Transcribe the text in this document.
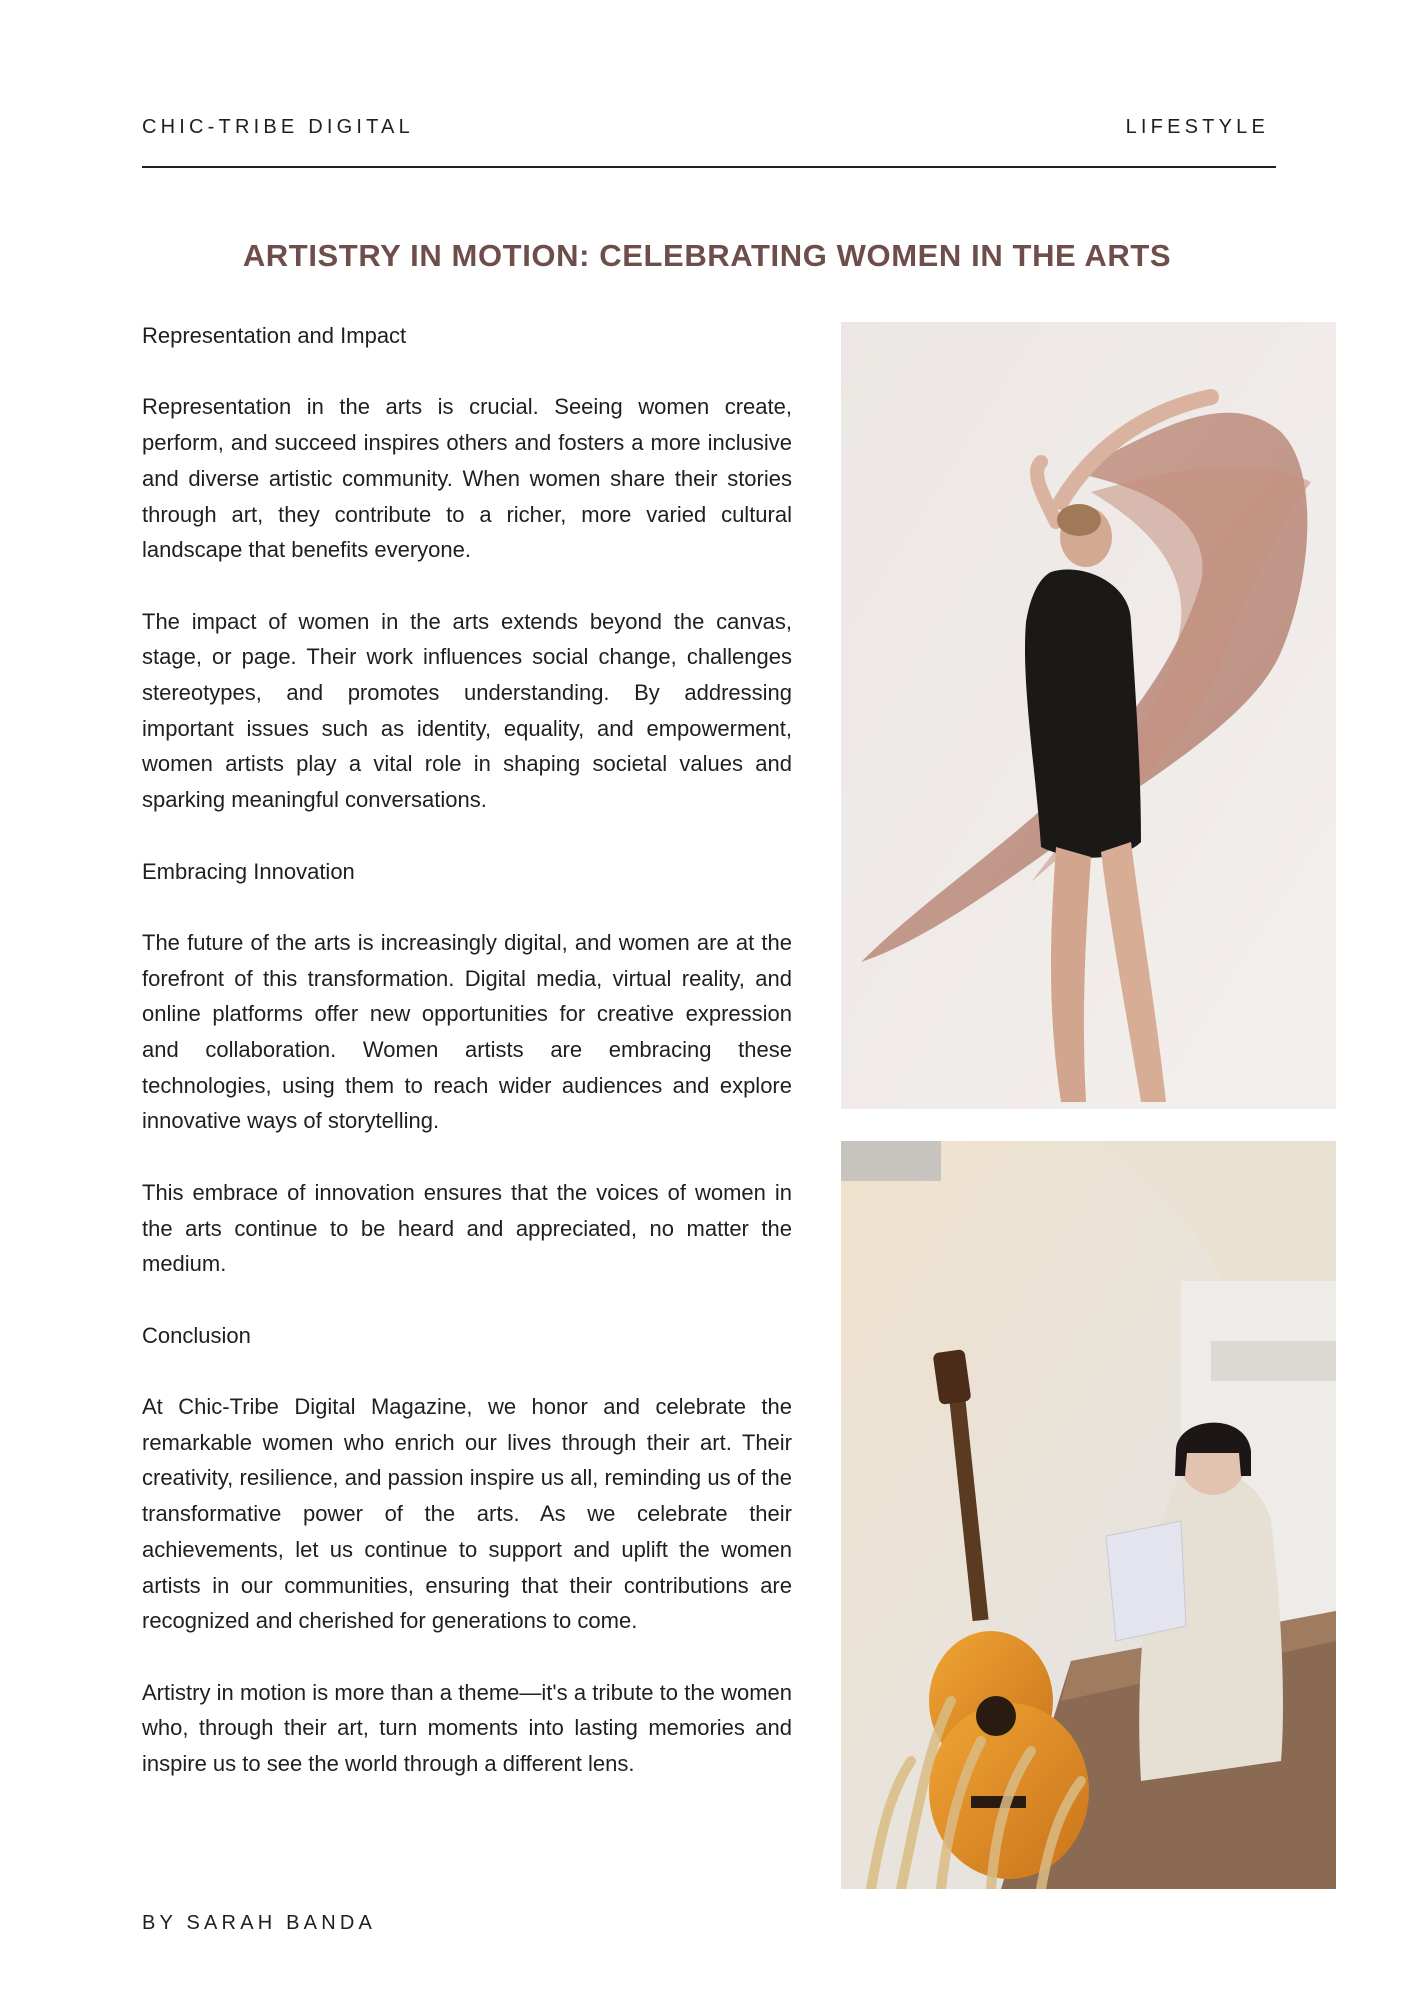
CHIC-TRIBE DIGITAL	LIFESTYLE
ARTISTRY IN MOTION: CELEBRATING WOMEN IN THE ARTS

Representation and Impact

Representation in the arts is crucial. Seeing women create, perform, and succeed inspires others and fosters a more inclusive and diverse artistic community. When women share their stories through art, they contribute to a richer, more varied cultural landscape that benefits everyone.

The impact of women in the arts extends beyond the canvas, stage, or page. Their work influences social change, challenges stereotypes, and promotes understanding. By addressing important issues such as identity, equality, and empowerment, women artists play a vital role in shaping societal values and sparking meaningful conversations.

Embracing Innovation

The future of the arts is increasingly digital, and women are at the forefront of this transformation. Digital media, virtual reality, and online platforms offer new opportunities for creative expression and collaboration. Women artists are embracing these technologies, using them to reach wider audiences and explore innovative ways of storytelling.

This embrace of innovation ensures that the voices of women in the arts continue to be heard and appreciated, no matter the medium.

Conclusion

At Chic-Tribe Digital Magazine, we honor and celebrate the remarkable women who enrich our lives through their art. Their creativity, resilience, and passion inspire us all, reminding us of the transformative power of the arts. As we celebrate their achievements, let us continue to support and uplift the women artists in our communities, ensuring that their contributions are recognized and cherished for generations to come.

Artistry in motion is more than a theme—it's a tribute to the women who, through their art, turn moments into lasting memories and inspire us to see the world through a different lens.

BY SARAH BANDA
